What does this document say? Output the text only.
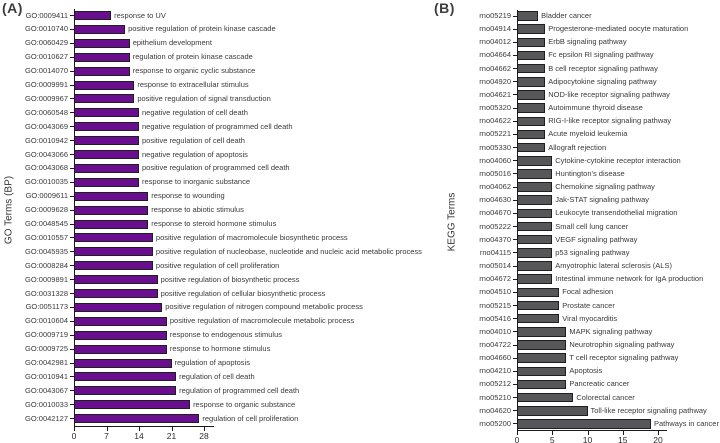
(A)
GO Terms (BP)
GO:0009411	response to UV
GO:0010740	positive regulation of protein kinase cascade
GO:0060429	epithelium development
GO:0010627	regulation of protein kinase cascade
GO:0014070	response to organic cyclic substance
GO:0009991	response to extracellular stimulus
GO:0009967	positive regulation of signal transduction
GO:0060548	negative regulation of cell death
GO:0043069	negative regulation of programmed cell death
GO:0010942	positive regulation of cell death
GO:0043066	negative regulation of apoptosis
GO:0043068	positive regulation of programmed cell death
GO:0010035	response to inorganic substance
GO:0009611	response to wounding
GO:0009628	response to abiotic stimulus
GO:0048545	response to steroid hormone stimulus
GO:0010557	positive regulation of macromolecule biosynthetic process
GO:0045935	positive regulation of nucleobase, nucleotide and nucleic acid metabolic process
GO:0008284	positive regulation of cell proliferation
GO:0009891	positive regulation of biosynthetic process
GO:0031328	positive regulation of cellular biosynthetic process
GO:0051173	positive regulation of nitrogen compound metabolic process
GO:0010604	positive regulation of macromolecule metabolic process
GO:0009719	response to endogenous stimulus
GO:0009725	response to hormone stimulus
GO:0042981	regulation of apoptosis
GO:0010941	regulation of cell death
GO:0043067	regulation of programmed cell death
GO:0010033	response to organic substance
GO:0042127	regulation of cell proliferation
0	7	14	21	28
(B)
KEGG Terms
rno05219	Bladder cancer
rno04914	Progesterone-mediated oocyte maturation
rno04012	ErbB signaling pathway
rno04664	Fc epsilon RI signaling pathway
rno04662	B cell receptor signaling pathway
rno04920	Adipocytokine signaling pathway
rno04621	NOD-like receptor signaling pathway
rno05320	Autoimmune thyroid disease
rno04622	RIG-I-like receptor signaling pathway
rno05221	Acute myeloid leukemia
rno05330	Allograft rejection
rno04060	Cytokine-cytokine receptor interaction
rno05016	Huntington's disease
rno04062	Chemokine signaling pathway
rno04630	Jak-STAT signaling pathway
rno04670	Leukocyte transendothelial migration
rno05222	Small cell lung cancer
rno04370	VEGF signaling pathway
rno04115	p53 signaling pathway
rno05014	Amyotrophic lateral sclerosis (ALS)
rno04672	Intestinal immune network for IgA production
rno04510	Focal adhesion
rno05215	Prostate cancer
rno05416	Viral myocarditis
rno04010	MAPK signaling pathway
rno04722	Neurotrophin signaling pathway
rno04660	T cell receptor signaling pathway
rno04210	Apoptosis
rno05212	Pancreatic cancer
rno05210	Colorectal cancer
rno04620	Toll-like receptor signaling pathway
rno05200	Pathways in cancer
0	5	10	15	20
